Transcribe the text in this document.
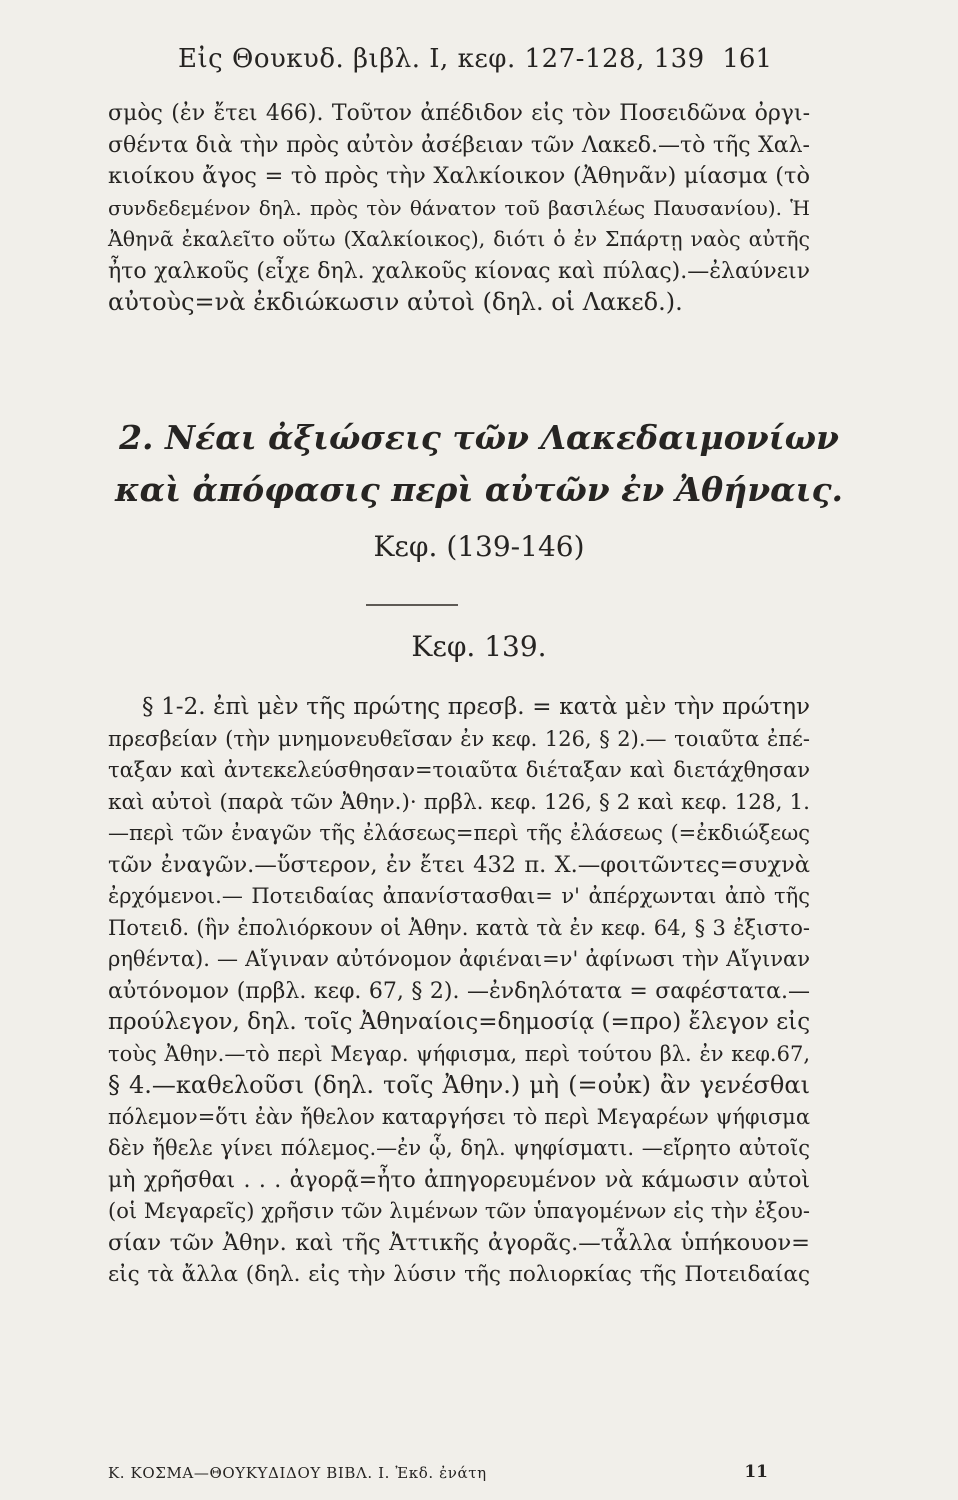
Εἰς Θουκυδ. βιβλ. I, κεφ. 127-128, 139 161

σμὸς (ἐν ἔτει 466). Τοῦτον ἀπέδιδον εἰς τὸν Ποσειδῶνα ὀργι-

σθέντα διὰ τὴν πρὸς αὐτὸν ἀσέβειαν τῶν Λακεδ.—τὸ τῆς Χαλ-

κιοίκου ἄγος = τὸ πρὸς τὴν Χαλκίοικον (Ἀθηνᾶν) μίασμα (τὸ

συνδεδεμένον δηλ. πρὸς τὸν θάνατον τοῦ βασιλέως Παυσανίου). Ἡ

Ἀθηνᾶ ἐκαλεῖτο οὕτω (Χαλκίοικος), διότι ὁ ἐν Σπάρτῃ ναὸς αὐτῆς

ἦτο χαλκοῦς (εἶχε δηλ. χαλκοῦς κίονας καὶ πύλας).—ἐλαύνειν

αὐτοὺς=νὰ ἐκδιώκωσιν αὐτοὶ (δηλ. οἱ Λακεδ.).

2. Νέαι ἀξιώσεις τῶν Λακεδαιμονίων
καὶ ἀπόφασις περὶ αὐτῶν ἐν Ἀθήναις.
Κεφ. (139-146)
Κεφ. 139.

§ 1-2. ἐπὶ μὲν τῆς πρώτης πρεσβ. = κατὰ μὲν τὴν πρώτην

πρεσβείαν (τὴν μνημονευθεῖσαν ἐν κεφ. 126, § 2).— τοιαῦτα ἐπέ-

ταξαν καὶ ἀντεκελεύσθησαν=τοιαῦτα διέταξαν καὶ διετάχθησαν

καὶ αὐτοὶ (παρὰ τῶν Ἀθην.)· πρβλ. κεφ. 126, § 2 καὶ κεφ. 128, 1.

—περὶ τῶν ἐναγῶν τῆς ἐλάσεως=περὶ τῆς ἐλάσεως (=ἐκδιώξεως

τῶν ἐναγῶν.—ὕστερον, ἐν ἔτει 432 π. Χ.—φοιτῶντες=συχνὰ

ἐρχόμενοι.— Ποτειδαίας ἀπανίστασθαι= ν' ἀπέρχωνται ἀπὸ τῆς

Ποτειδ. (ἣν ἐπολιόρκουν οἱ Ἀθην. κατὰ τὰ ἐν κεφ. 64, § 3 ἐξιστο-

ρηθέντα). — Αἴγιναν αὐτόνομον ἀφιέναι=ν' ἀφίνωσι τὴν Αἴγιναν

αὐτόνομον (πρβλ. κεφ. 67, § 2). —ἐνδηλότατα = σαφέστατα.—

προύλεγον, δηλ. τοῖς Ἀθηναίοις=δημοσίᾳ (=προ) ἔλεγον εἰς

τοὺς Ἀθην.—τὸ περὶ Μεγαρ. ψήφισμα, περὶ τούτου βλ. ἐν κεφ.67,

§ 4.—καθελοῦσι (δηλ. τοῖς Ἀθην.) μὴ (=οὐκ) ἂν γενέσθαι

πόλεμον=ὅτι ἐὰν ἤθελον καταργήσει τὸ περὶ Μεγαρέων ψήφισμα

δὲν ἤθελε γίνει πόλεμος.—ἐν ᾧ, δηλ. ψηφίσματι. —εἴρητο αὐτοῖς

μὴ χρῆσθαι . . . ἀγορᾷ=ἦτο ἀπηγορευμένον νὰ κάμωσιν αὐτοὶ

(οἱ Μεγαρεῖς) χρῆσιν τῶν λιμένων τῶν ὑπαγομένων εἰς τὴν ἐξου-

σίαν τῶν Ἀθην. καὶ τῆς Ἀττικῆς ἀγορᾶς.—τἆλλα ὑπήκουον=

εἰς τὰ ἄλλα (δηλ. εἰς τὴν λύσιν τῆς πολιορκίας τῆς Ποτειδαίας

Κ. ΚΟΣΜΑ—ΘΟΥΚΥΔΙΔΟΥ ΒΙΒΛ. Ι. Ἐκδ. ἐνάτη	11
